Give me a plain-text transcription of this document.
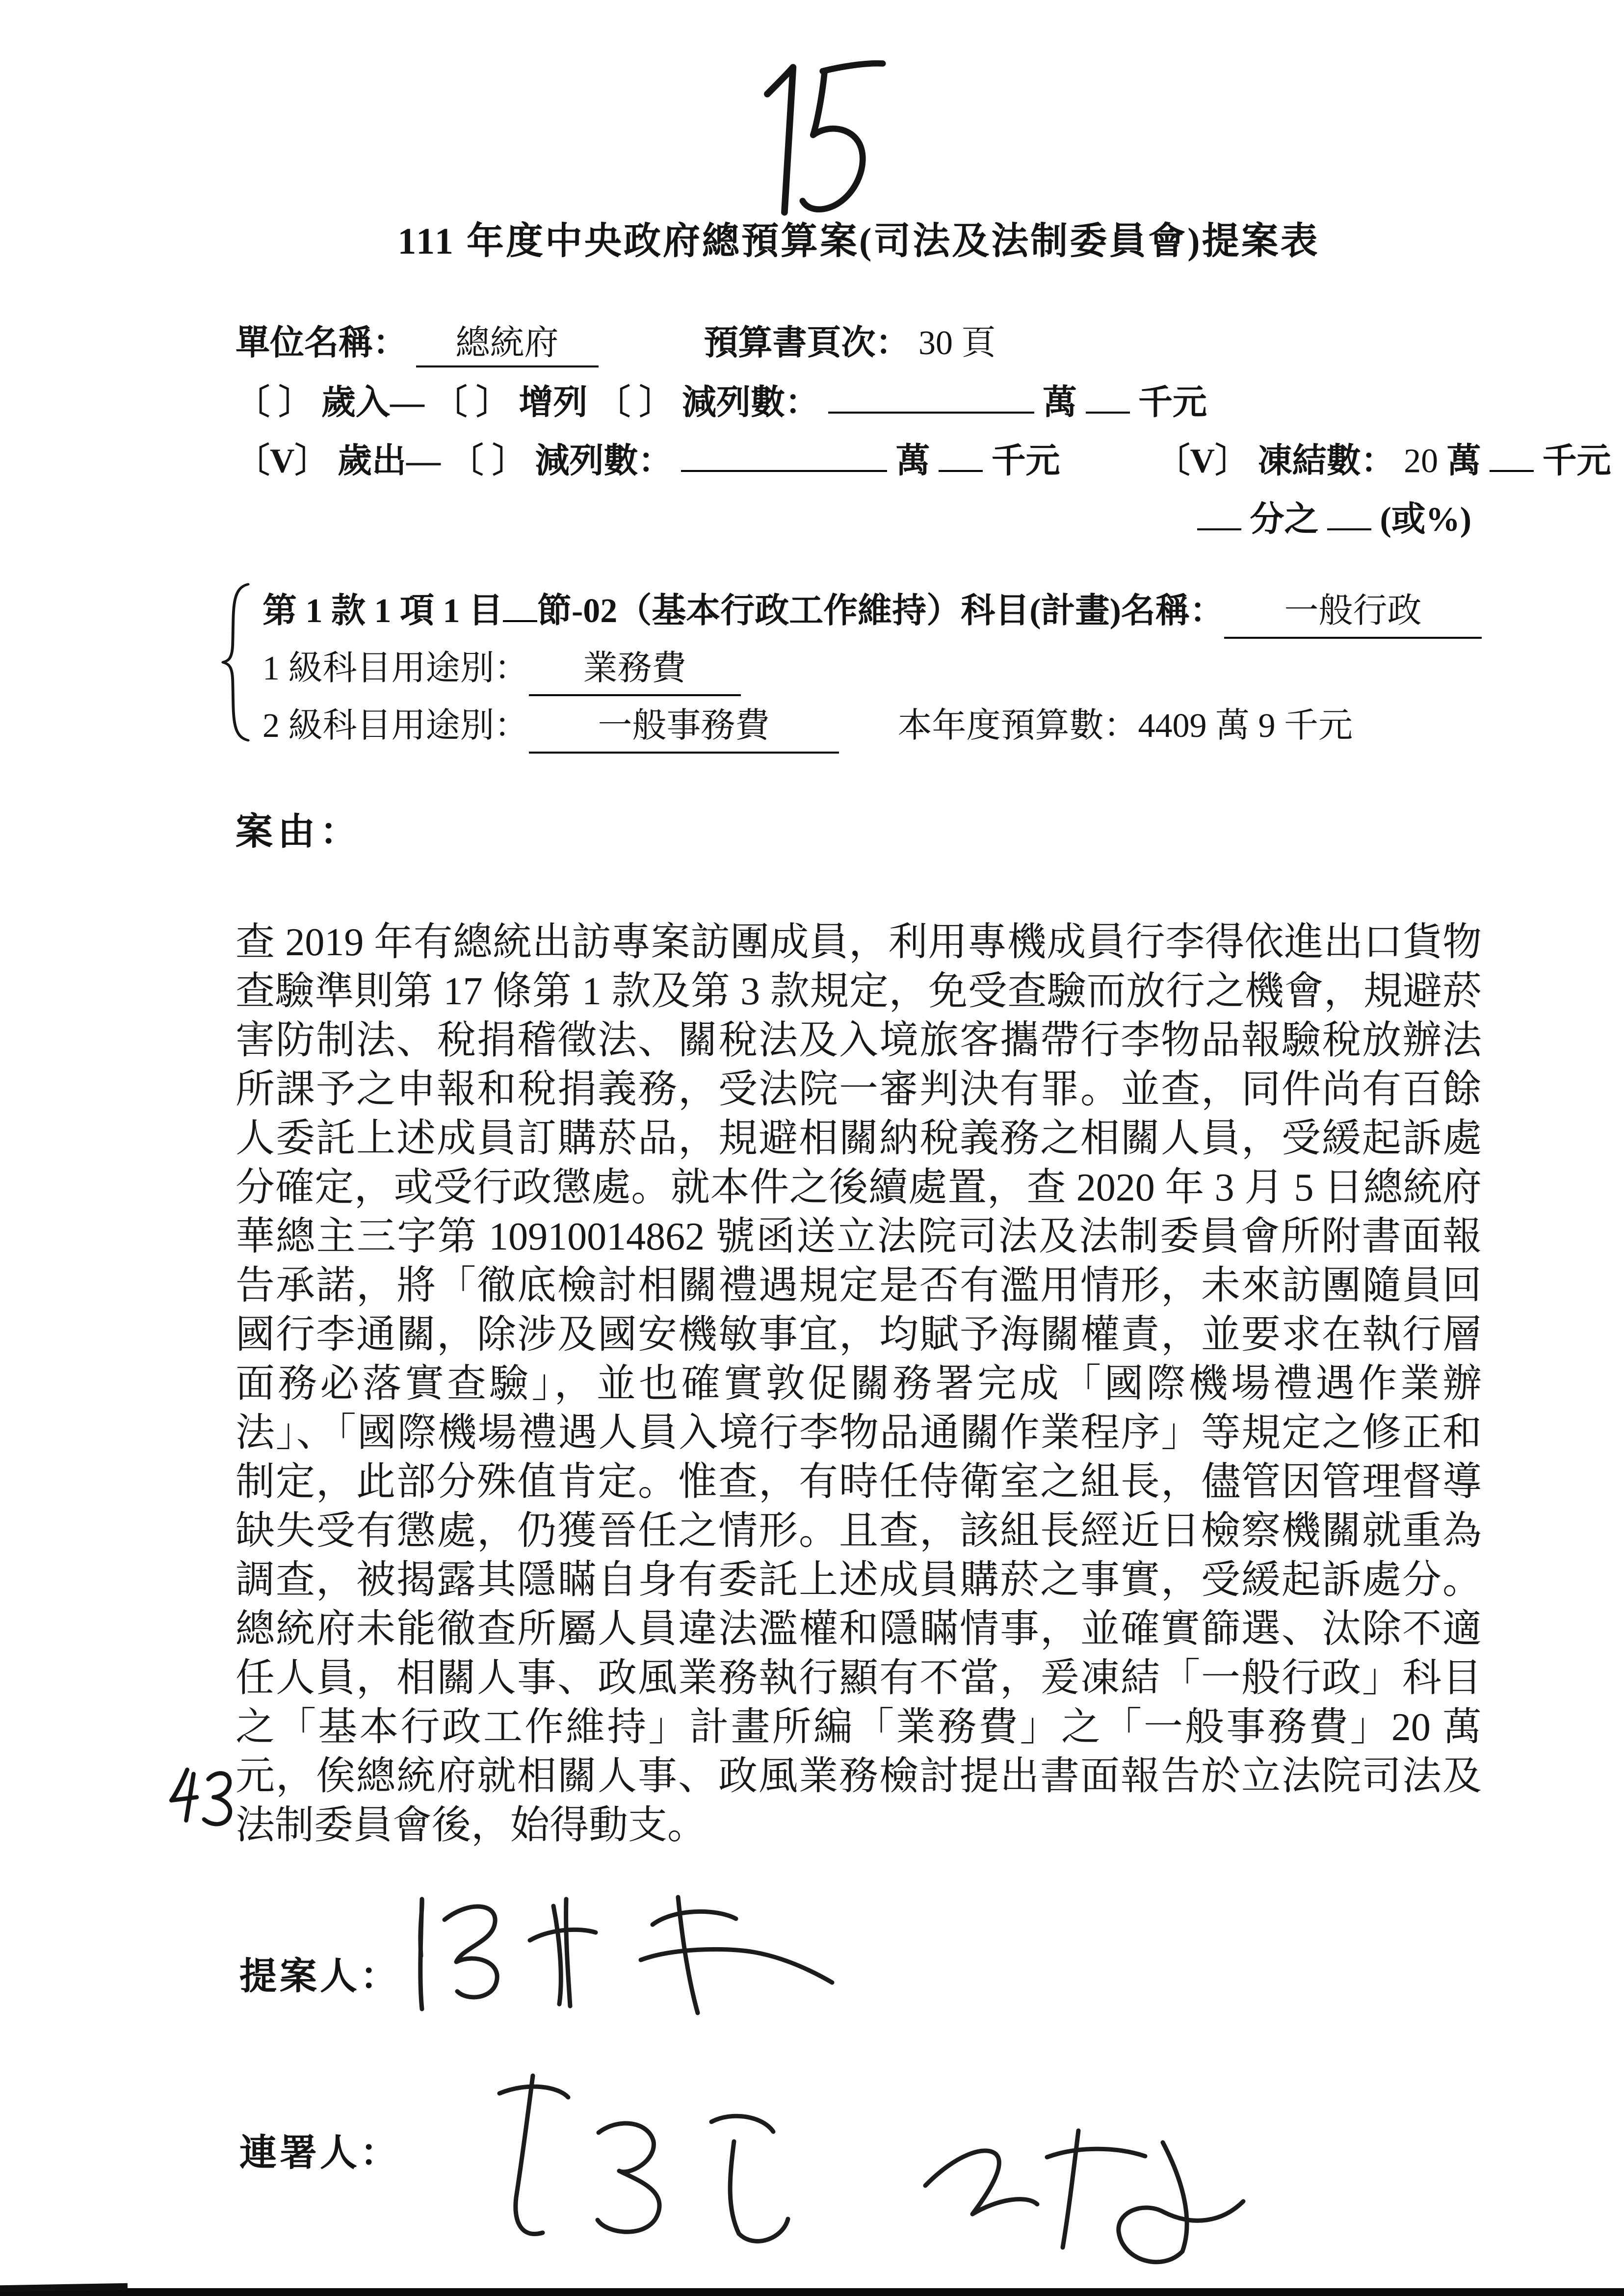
111 年度中央政府總預算案(司法及法制委員會)提案表
單位名稱： 總統府	預算書頁次： 30 頁
〔 〕 歲入— 〔 〕 增列 〔 〕 減列數：	萬 千元
〔V〕 歲出— 〔 〕 減列數：	萬 千元	〔V〕 凍結數： 20 萬 千元
分之 (或%)
第 1 款 1 項 1 目 節-02 （基本行政工作維持） 科目(計畫)名稱：	一般行政
1 級科目用途別：	業務費
2 級科目用途別：	一般事務費	本年度預算數： 4409 萬 9 千元
案由：

查 2019 年有總統出訪專案訪團成員，利用專機成員行李得依進出口貨物查驗準則第 17 條第 1 款及第 3 款規定，免受查驗而放行之機會，規避菸害防制法、稅捐稽徵法、關稅法及入境旅客攜帶行李物品報驗稅放辦法所課予之申報和稅捐義務，受法院一審判決有罪。並查，同件尚有百餘人委託上述成員訂購菸品，規避相關納稅義務之相關人員，受緩起訴處分確定，或受行政懲處。就本件之後續處置，查 2020 年 3 月 5 日總統府華總主三字第 10910014862 號函送立法院司法及法制委員會所附書面報告承諾，將「徹底檢討相關禮遇規定是否有濫用情形，未來訪團隨員回國行李通關，除涉及國安機敏事宜，均賦予海關權責，並要求在執行層面務必落實查驗」，並也確實敦促關務署完成「國際機場禮遇作業辦法」、「國際機場禮遇人員入境行李物品通關作業程序」等規定之修正和制定，此部分殊值肯定。惟查，有時任侍衛室之組長，儘管因管理督導缺失受有懲處，仍獲晉任之情形。且查，該組長經近日檢察機關就重為調查，被揭露其隱瞞自身有委託上述成員購菸之事實，受緩起訴處分。總統府未能徹查所屬人員違法濫權和隱瞞情事，並確實篩選、汰除不適任人員，相關人事、政風業務執行顯有不當，爰凍結「一般行政」科目之「基本行政工作維持」計畫所編「業務費」之「一般事務費」20 萬元，俟總統府就相關人事、政風業務檢討提出書面報告於立法院司法及法制委員會後，始得動支。

提案人：
連署人：
